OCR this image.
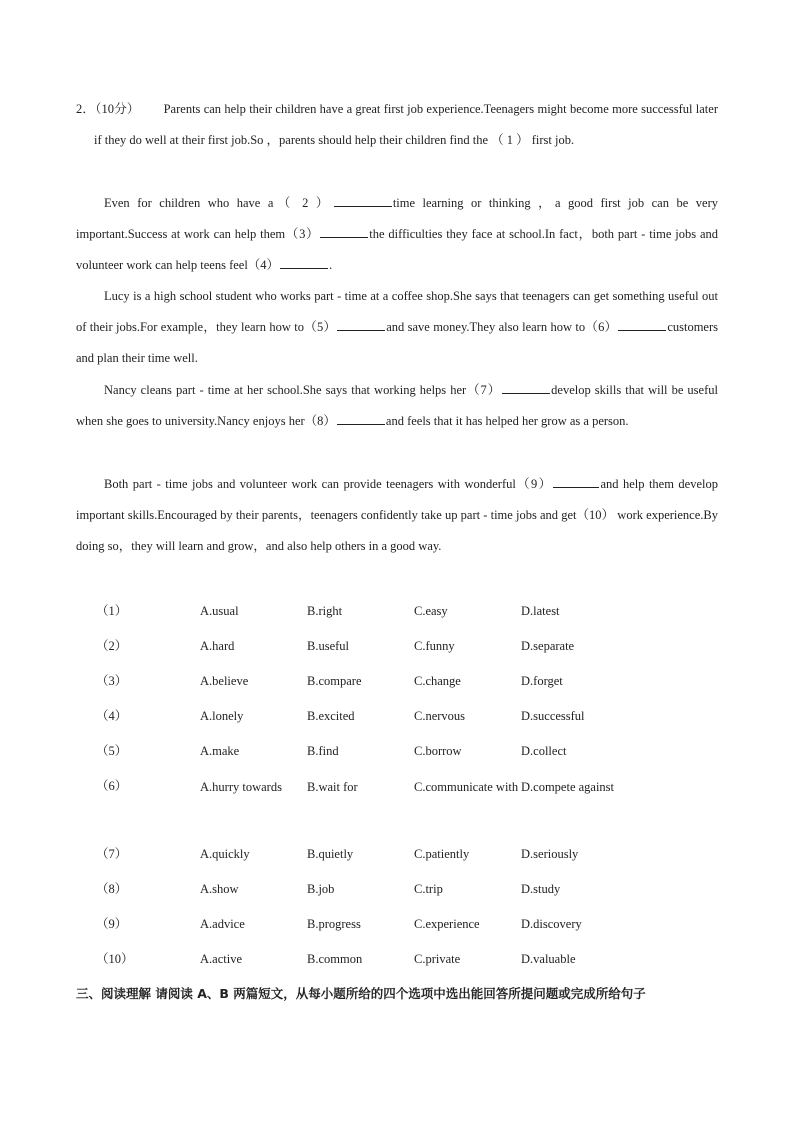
2．（10分） Parents can help their children have a great first job experience.Teenagers might become more successful later if they do well at their first job.So ，parents should help their children find the （ 1 ） first job.
Even for children who have a（ 2 ）	time learning or thinking ，a good first job can be very important.Success at work can help them（3）	the difficulties they face at school.In fact，both part - time jobs and volunteer work can help teens feel（4）	.
Lucy is a high school student who works part - time at a coffee shop.She says that teenagers can get something useful out of their jobs.For example，they learn how to（5）	and save money.They also learn how to（6）	customers and plan their time well.
Nancy cleans part - time at her school.She says that working helps her（7）	develop skills that will be useful when she goes to university.Nancy enjoys her（8）	and feels that it has helped her grow as a person.
Both part - time jobs and volunteer work can provide teenagers with wonderful（9）	and help them develop important skills.Encouraged by their parents，teenagers confidently take up part - time jobs and get（10） work experience.By doing so，they will learn and grow，and also help others in a good way.
（1）	A.usual	B.right	C.easy	D.latest
（2）	A.hard	B.useful	C.funny	D.separate
（3）	A.believe	B.compare	C.change	D.forget
（4）	A.lonely	B.excited	C.nervous	D.successful
（5）	A.make	B.find	C.borrow	D.collect
（6）	A.hurry towards	B.wait for	C.communicate with D.compete against
（7）	A.quickly	B.quietly	C.patiently	D.seriously
（8）	A.show	B.job	C.trip	D.study
（9）	A.advice	B.progress	C.experience	D.discovery
（10）	A.active	B.common	C.private	D.valuable
三、阅读理解 请阅读 A、B 两篇短文，从每小题所给的四个选项中选出能回答所提问题或完成所给句子
